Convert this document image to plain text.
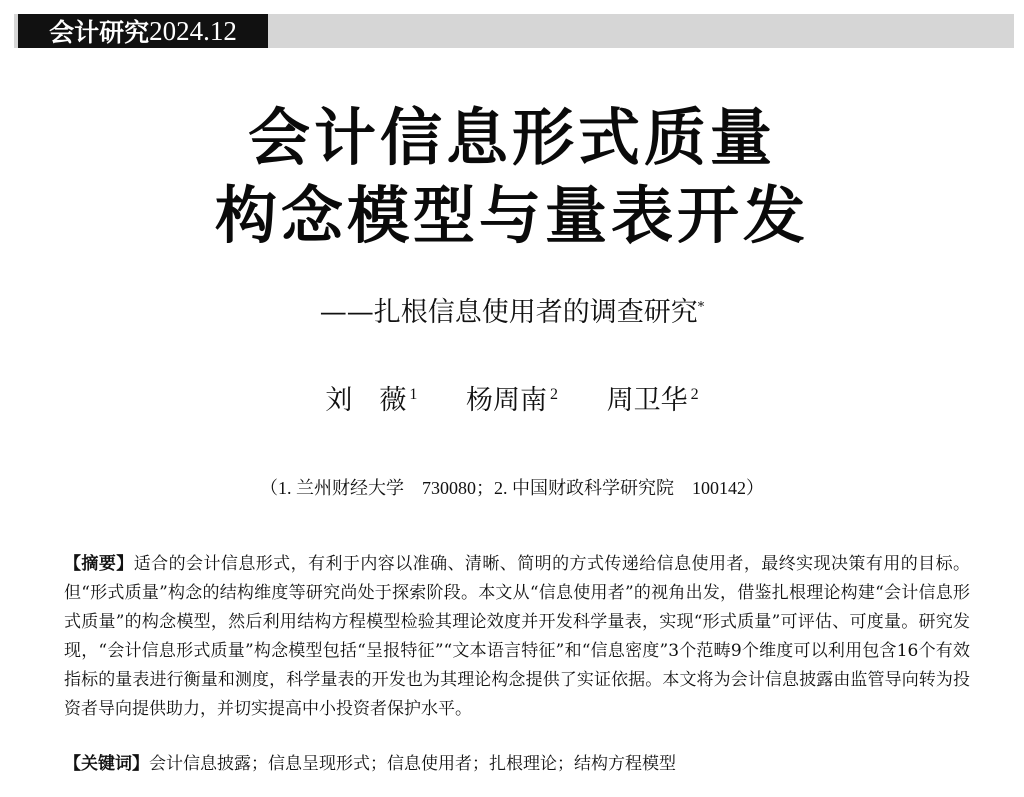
会计研究 2024.12
会计信息形式质量
构念模型与量表开发
——扎根信息使用者的调查研究*
刘　薇 $^1$ 杨周南 $^2$ 周卫华 $^2$
（1. 兰州财经大学　730080；2. 中国财政科学研究院　100142）
【摘要】适合的会计信息形式，有利于内容以准确、清晰、简明的方式传递给信息使用者，最终实现决策有用的目标。但“形式质量”构念的结构维度等研究尚处于探索阶段。本文从“信息使用者”的视角出发，借鉴扎根理论构建“会计信息形式质量”的构念模型，然后利用结构方程模型检验其理论效度并开发科学量表，实现“形式质量”可评估、可度量。研究发现，“会计信息形式质量”构念模型包括“呈报特征”“文本语言特征”和“信息密度”3个范畴9个维度可以利用包含16个有效指标的量表进行衡量和测度，科学量表的开发也为其理论构念提供了实证依据。本文将为会计信息披露由监管导向转为投资者导向提供助力，并切实提高中小投资者保护水平。
【关键词】会计信息披露；信息呈现形式；信息使用者；扎根理论；结构方程模型
